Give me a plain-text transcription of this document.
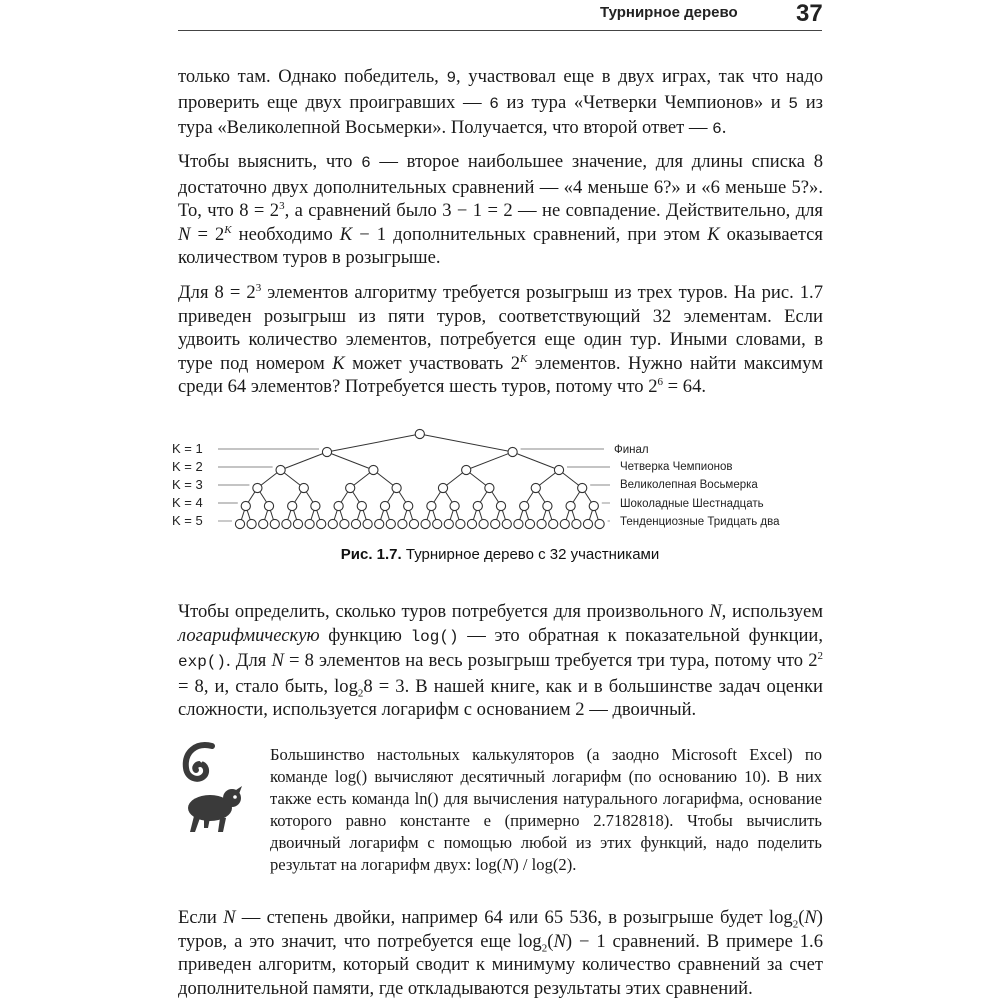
Турнирное дерево 37
только там. Однако победитель, 9, участвовал еще в двух играх, так что надо проверить еще двух проигравших — 6 из тура «Четверки Чемпионов» и 5 из тура «Великолепной Восьмерки». Получается, что второй ответ — 6.
Чтобы выяснить, что 6 — второе наибольшее значение, для длины списка 8 достаточно двух дополнительных сравнений — «4 меньше 6?» и «6 меньше 5?». То, что $8 = 2^3$, а сравнений было 3 − 1 = 2 — не совпадение. Действительно, для $N = 2^K$ необходимо K − 1 дополнительных сравнений, при этом K оказывается количеством туров в розыгрыше.
Для $8 = 2^3$ элементов алгоритму требуется розыгрыш из трех туров. На рис. 1.7 приведен розыгрыш из пяти туров, соответствующий 32 элементам. Если удвоить количество элементов, потребуется еще один тур. Иными словами, в туре под номером K может участвовать $2^K$ элементов. Нужно найти максимум среди 64 элементов? Потребуется шесть туров, потому что $2^6 = 64$.
K = 1
K = 2
K = 3
K = 4
K = 5
Финал
Четверка Чемпионов
Великолепная Восьмерка
Шоколадные Шестнадцать
Тенденциозные Тридцать два
Рис. 1.7. Турнирное дерево с 32 участниками
Чтобы определить, сколько туров потребуется для произвольного N, используем логарифмическую функцию log() — это обратная к показательной функции, exp(). Для N = 8 элементов на весь розыгрыш требуется три тура, потому что $2^2 = 8$, и, стало быть, $\log_28 = 3$. В нашей книге, как и в большинстве задач оценки сложности, используется логарифм с основанием 2 — двоичный.
Большинство настольных калькуляторов (а заодно Microsoft Excel) по команде log() вычисляют десятичный логарифм (по основанию 10). В них также есть команда ln() для вычисления натурального логарифма, основание которого равно константе e (примерно 2.7182818). Чтобы вычислить двоичный логарифм с помощью любой из этих функций, надо поделить результат на логарифм двух: log(N) / log(2).
Если N — степень двойки, например 64 или 65 536, в розыгрыше будет $\log_2(N)$ туров, а это значит, что потребуется еще $\log_2(N) - 1$ сравнений. В примере 1.6 приведен алгоритм, который сводит к минимуму количество сравнений за счет дополнительной памяти, где откладываются результаты этих сравнений.
